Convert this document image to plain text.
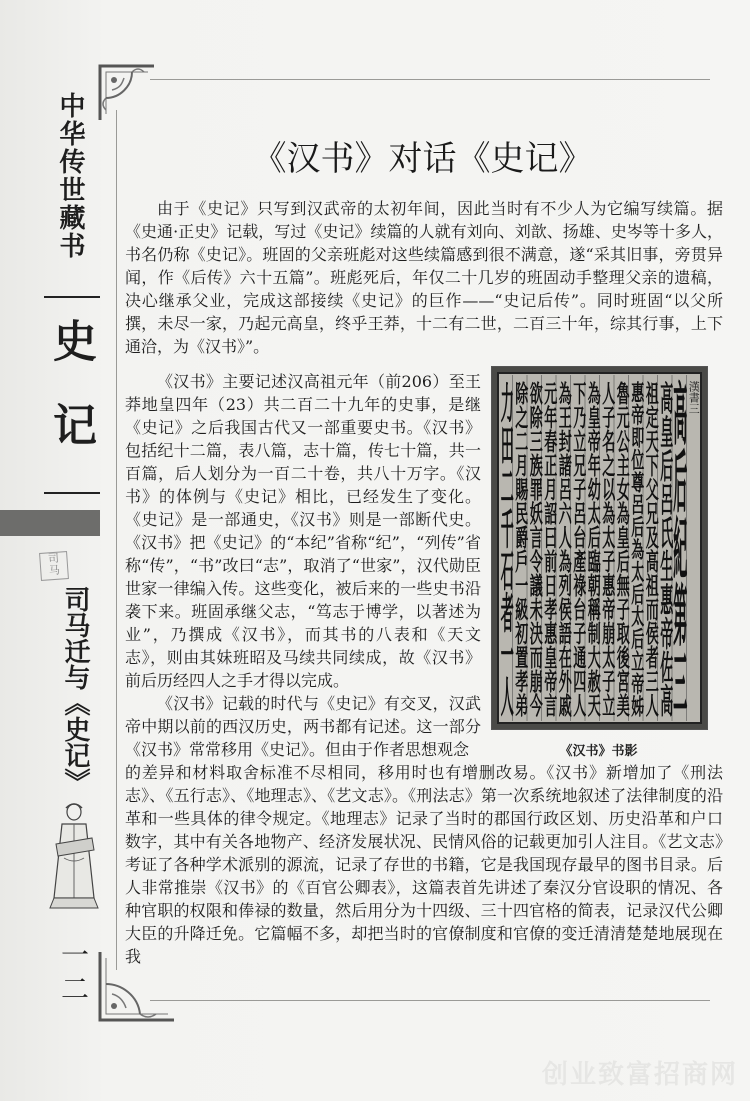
中华传世藏书
史记
司
马
司马迁与《史记》
一二
《汉书》对话《史记》

由于《史记》只写到汉武帝的太初年间，因此当时有不少人为它编写续篇。据《史通·正史》记载，写过《史记》续篇的人就有刘向、刘歆、扬雄、史岑等十多人，书名仍称《史记》。班固的父亲班彪对这些续篇感到很不满意，遂“采其旧事，旁贯异闻，作《后传》六十五篇”。班彪死后，年仅二十几岁的班固动手整理父亲的遗稿，决心继承父业，完成这部接续《史记》的巨作——“史记后传”。同时班固“以父所撰，未尽一家，乃起元高皇，终乎王莽，十二有二世，二百三十年，综其行事，上下通洽，为《汉书》”。

《汉书》主要记述汉高祖元年（前206）至王莽地皇四年（23）共二百二十九年的史事，是继《史记》之后我国古代又一部重要史书。《汉书》包括纪十二篇，表八篇，志十篇，传七十篇，共一百篇，后人划分为一百二十卷，共八十万字。《汉书》的体例与《史记》相比，已经发生了变化。《史记》是一部通史，《汉书》则是一部断代史。《汉书》把《史记》的“本纪”省称“纪”，“列传”省称“传”，“书”改曰“志”，取消了“世家”，汉代勋臣世家一律编入传。这些变化，被后来的一些史书沿袭下来。班固承继父志，“笃志于博学，以著述为业”，乃撰成《汉书》，而其书的八表和《天文志》，则由其妹班昭及马续共同续成，故《汉书》前后历经四人之手才得以完成。

《汉书》记载的时代与《史记》有交叉，汉武帝中期以前的西汉历史，两书都有记述。这一部分《汉书》常常移用《史记》。但由于作者思想观念

的差异和材料取舍标准不尽相同，移用时也有增删改易。《汉书》新增加了《刑法志》、《五行志》、《地理志》、《艺文志》。《刑法志》第一次系统地叙述了法律制度的沿革和一些具体的律令规定。《地理志》记录了当时的郡国行政区划、历史沿革和户口数字，其中有关各地物产、经济发展状况、民情风俗的记载更加引人注目。《艺文志》考证了各种学术派别的源流，记录了存世的书籍，它是我国现存最早的图书目录。后人非常推崇《汉书》的《百官公卿表》，这篇表首先讲述了秦汉分官设职的情况、各种官职的权限和俸禄的数量，然后用分为十四级、三十四官格的简表，记录汉代公卿大臣的升降迁免。它篇幅不多，却把当时的官僚制度和官僚的变迁清清楚楚地展现在我

漢書三
高后紀第三
高皇后呂氏生惠帝佐高
祖定天下父兄及高祖而侯者三人
惠帝即位尊呂后為太后太后立帝姊
魯元公主女為皇后無子取後宮美
人子名之以為太子惠帝崩太子立
為皇帝年幼太后臨朝稱制大赦天
下乃立兄子呂台產祿台子通四人
為王封諸呂六人為列侯語在外戚
元年春正月詔曰前日孝惠皇帝言
欲除三族罪妖言令議未決而崩今
除之二月賜民爵戶一級初置孝弟
力田二千石者一人
《汉书》书影
创业致富招商网
